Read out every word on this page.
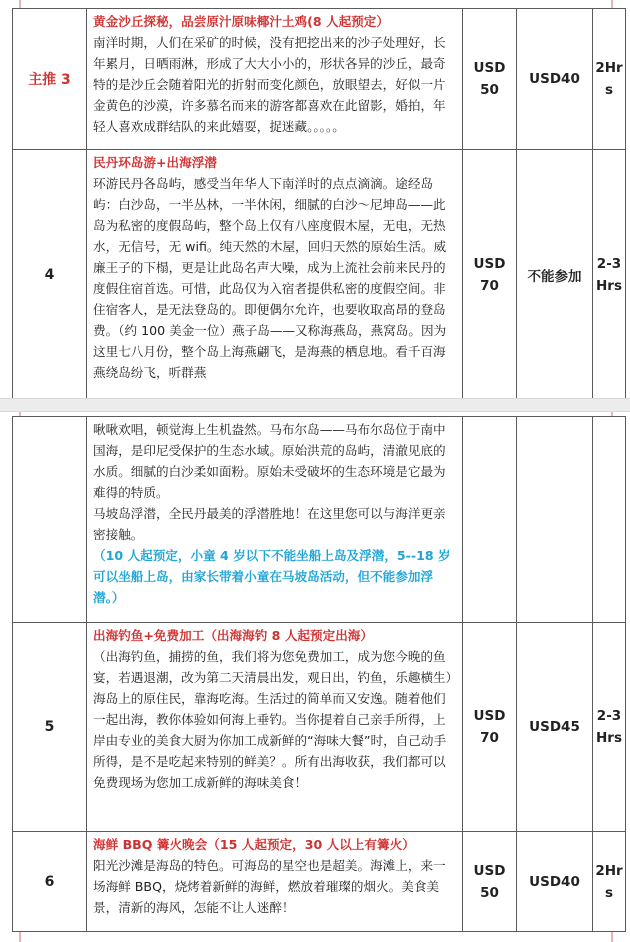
主推 3	黄金沙丘探秘，品尝原汁原味椰汁土鸡(8 人起预定）
南洋时期，人们在采矿的时候，没有把挖出来的沙子处理好，长年累月，日晒雨淋，形成了大大小小的，形状各异的沙丘，最奇特的是沙丘会随着阳光的折射而变化颜色，放眼望去，好似一片金黄色的沙漠，许多慕名而来的游客都喜欢在此留影，婚拍，年轻人喜欢成群结队的来此嬉耍，捉迷藏。。。。。	USD 50	USD40	2Hrs
4	民丹环岛游+出海浮潜
环游民丹各岛屿，感受当年华人下南洋时的点点滴滴。途经岛屿：白沙岛，一半丛林，一半休闲，细腻的白沙～尼坤岛——此岛为私密的度假岛屿，整个岛上仅有八座度假木屋，无电，无热水，无信号，无 wifi。纯天然的木屋，回归天然的原始生活。威廉王子的下榻，更是让此岛名声大噪，成为上流社会前来民丹的度假住宿首选。可惜，此岛仅为入宿者提供私密的度假空间。非住宿客人，是无法登岛的。即便偶尔允许，也要收取高昂的登岛费。（约 100 美金一位）燕子岛——又称海燕岛，燕窝岛。因为这里七八月份，整个岛上海燕翩飞，是海燕的栖息地。看千百海燕绕岛纷飞，听群燕	USD 70	不能参加	2-3Hrs
	啾啾欢唱，顿觉海上生机盎然。马布尔岛——马布尔岛位于南中国海，是印尼受保护的生态水域。原始洪荒的岛屿，清澈见底的水质。细腻的白沙柔如面粉。原始未受破坏的生态环境是它最为难得的特质。
马坡岛浮潜，全民丹最美的浮潜胜地！在这里您可以与海洋更亲密接触。
（10 人起预定，小童 4 岁以下不能坐船上岛及浮潜，5--18 岁可以坐船上岛，由家长带着小童在马坡岛活动，但不能参加浮潜。）			
5	出海钓鱼+免费加工（出海海钓 8 人起预定出海）
（出海钓鱼，捕捞的鱼，我们将为您免费加工，成为您今晚的鱼宴，若遇退潮，改为第二天清晨出发，观日出，钓鱼，乐趣横生）海岛上的原住民，靠海吃海。生活过的简单而又安逸。随着他们一起出海，教你体验如何海上垂钓。当你提着自己亲手所得，上岸由专业的美食大厨为你加工成新鲜的“海味大餐”时，自己动手所得，是不是吃起来特别的鲜美？。所有出海收获，我们都可以免费现场为您加工成新鲜的海味美食！	USD 70	USD45	2-3Hrs
6	海鲜 BBQ 篝火晚会（15 人起预定，30 人以上有篝火）
阳光沙滩是海岛的特色。可海岛的星空也是超美。海滩上，来一场海鲜 BBQ，烧烤着新鲜的海鲜，燃放着璀璨的烟火。美食美景，清新的海风，怎能不让人迷醉！	USD 50	USD40	2Hrs
